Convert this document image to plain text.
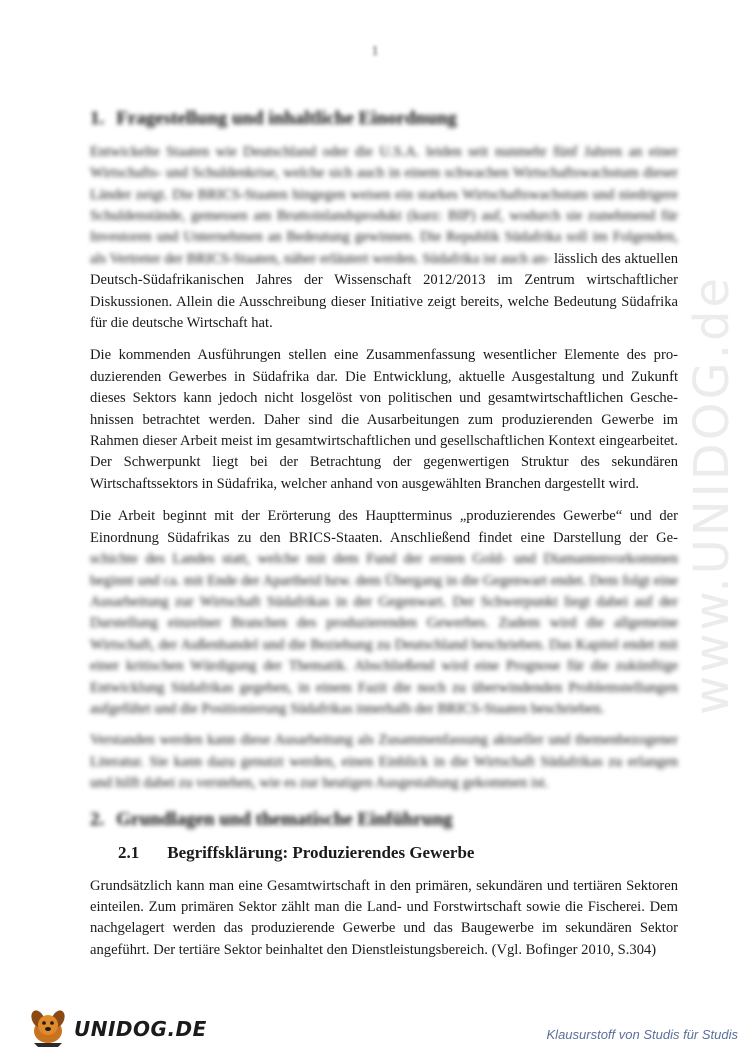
1
www.UNIDOG.de
1. Fragestellung und inhaltliche Einordnung

Entwickelte Staaten wie Deutschland oder die U.S.A. leiden seit nunmehr fünf Jahren an einer Wirtschafts- und Schuldenkrise, welche sich auch in einem schwachen Wirtschaftswachstum dieser Länder zeigt. Die BRICS-Staaten hingegen weisen ein starkes Wirtschaftswachstum und niedrigere Schuldenstände, gemessen am Bruttoinlandsprodukt (kurz: BIP) auf, wodurch sie zunehmend für Investoren und Unternehmen an Bedeutung gewinnen. Die Republik Südafrika soll im Folgenden, als Vertreter der BRICS-Staaten, näher erläutert werden. Südafrika ist auch an- lässlich des aktuellen Deutsch-Südafrikanischen Jahres der Wissenschaft 2012/2013 im Zentrum wirtschaftlicher Diskussionen. Allein die Ausschreibung dieser Initiative zeigt bereits, welche Bedeutung Südafrika für die deutsche Wirtschaft hat.

Die kommenden Ausführungen stellen eine Zusammenfassung wesentlicher Elemente des produzierenden Gewerbes in Südafrika dar. Die Entwicklung, aktuelle Ausgestaltung und Zukunft dieses Sektors kann jedoch nicht losgelöst von politischen und gesamtwirtschaftlichen Geschehnissen betrachtet werden. Daher sind die Ausarbeitungen zum produzierenden Gewerbe im Rahmen dieser Arbeit meist im gesamtwirtschaftlichen und gesellschaftlichen Kontext eingearbeitet. Der Schwerpunkt liegt bei der Betrachtung der gegenwertigen Struktur des sekundären Wirtschaftssektors in Südafrika, welcher anhand von ausgewählten Branchen dargestellt wird.

Die Arbeit beginnt mit der Erörterung des Hauptterminus „produzierendes Gewerbe“ und der Einordnung Südafrikas zu den BRICS-Staaten. Anschließend findet eine Darstellung der Ge- schichte des Landes statt, welche mit dem Fund der ersten Gold- und Diamantenvorkommen beginnt und ca. mit Ende der Apartheid bzw. dem Übergang in die Gegenwart endet. Dem folgt eine Ausarbeitung zur Wirtschaft Südafrikas in der Gegenwart. Der Schwerpunkt liegt dabei auf der Darstellung einzelner Branchen des produzierenden Gewerbes. Zudem wird die allgemeine Wirtschaft, der Außenhandel und die Beziehung zu Deutschland beschrieben. Das Kapitel endet mit einer kritischen Würdigung der Thematik. Abschließend wird eine Prognose für die zukünftige Entwicklung Südafrikas gegeben, in einem Fazit die noch zu überwindenden Problemstellungen aufgeführt und die Positionierung Südafrikas innerhalb der BRICS-Staaten beschrieben.

Verstanden werden kann diese Ausarbeitung als Zusammenfassung aktueller und themenbezogener Literatur. Sie kann dazu genutzt werden, einen Einblick in die Wirtschaft Südafrikas zu erlangen und hilft dabei zu verstehen, wie es zur heutigen Ausgestaltung gekommen ist.

2. Grundlagen und thematische Einführung
2.1 Begriffsklärung: Produzierendes Gewerbe

Grundsätzlich kann man eine Gesamtwirtschaft in den primären, sekundären und tertiären Sektoren einteilen. Zum primären Sektor zählt man die Land- und Forstwirtschaft sowie die Fischerei. Dem nachgelagert werden das produzierende Gewerbe und das Baugewerbe im sekundären Sektor angeführt. Der tertiäre Sektor beinhaltet den Dienstleistungsbereich. (Vgl. Bofinger 2010, S.304)

UNIDOG.DE	Klausurstoff von Studis für Studis
